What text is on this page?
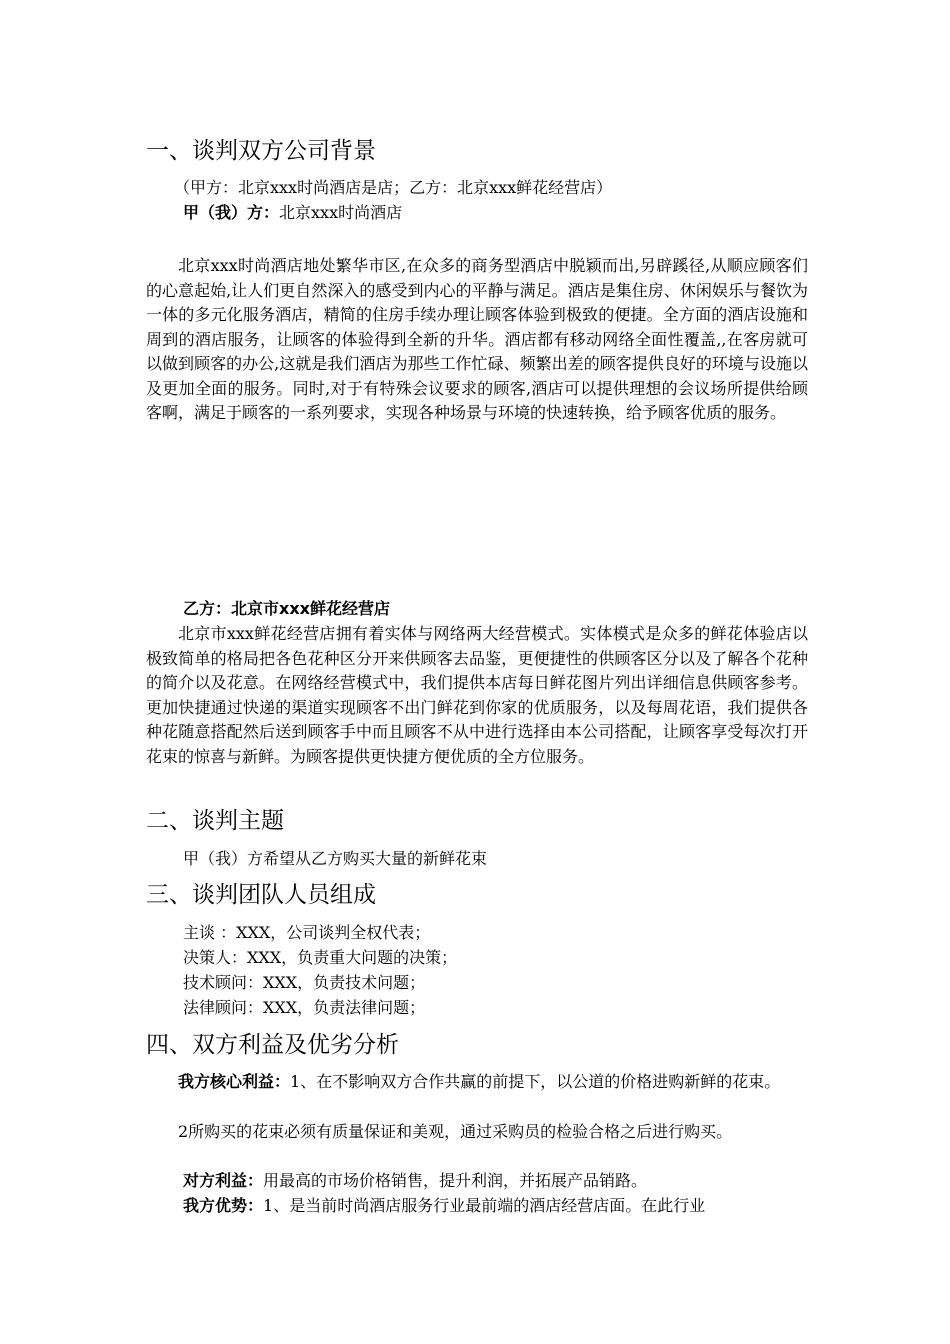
一、谈判双方公司背景

（甲方：北京xxx时尚酒店是店；乙方：北京xxx鲜花经营店）

甲（我）方：北京xxx时尚酒店

北京xxx时尚酒店地处繁华市区,在众多的商务型酒店中脱颖而出,另辟蹊径,从顺应顾客们的心意起始,让人们更自然深入的感受到内心的平静与满足。酒店是集住房、休闲娱乐与餐饮为一体的多元化服务酒店，精简的住房手续办理让顾客体验到极致的便捷。全方面的酒店设施和周到的酒店服务，让顾客的体验得到全新的升华。酒店都有移动网络全面性覆盖,,在客房就可以做到顾客的办公,这就是我们酒店为那些工作忙碌、频繁出差的顾客提供良好的环境与设施以及更加全面的服务。同时,对于有特殊会议要求的顾客,酒店可以提供理想的会议场所提供给顾客啊，满足于顾客的一系列要求，实现各种场景与环境的快速转换，给予顾客优质的服务。

乙方：北京市xxx鲜花经营店

北京市xxx鲜花经营店拥有着实体与网络两大经营模式。实体模式是众多的鲜花体验店以极致简单的格局把各色花种区分开来供顾客去品鉴，更便捷性的供顾客区分以及了解各个花种的简介以及花意。在网络经营模式中，我们提供本店每日鲜花图片列出详细信息供顾客参考。更加快捷通过快递的渠道实现顾客不出门鲜花到你家的优质服务，以及每周花语，我们提供各种花随意搭配然后送到顾客手中而且顾客不从中进行选择由本公司搭配，让顾客享受每次打开花束的惊喜与新鲜。为顾客提供更快捷方便优质的全方位服务。

二、谈判主题

甲（我）方希望从乙方购买大量的新鲜花束

三、谈判团队人员组成

主谈 ：XXX，公司谈判全权代表；

决策人：XXX，负责重大问题的决策；

技术顾问：XXX，负责技术问题；

法律顾问：XXX，负责法律问题；

四、双方利益及优劣分析

我方核心利益：1、在不影响双方合作共赢的前提下，以公道的价格进购新鲜的花束。

2所购买的花束必须有质量保证和美观，通过采购员的检验合格之后进行购买。

对方利益：用最高的市场价格销售，提升利润，并拓展产品销路。

我方优势：1、是当前时尚酒店服务行业最前端的酒店经营店面。在此行业
